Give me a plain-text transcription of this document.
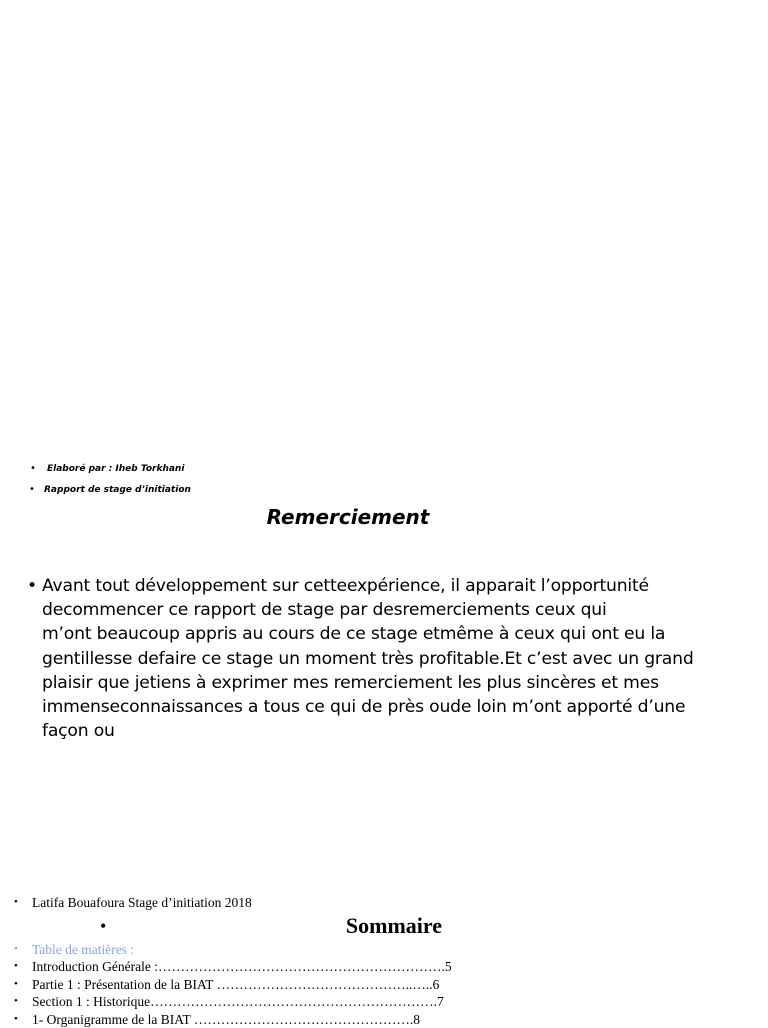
• Elaboré par : Iheb Torkhani
• Rapport de stage d’initiation
Remerciement
• Avant tout développement sur cetteexpérience, il apparait l’opportunité
decommencer ce rapport de stage par desremerciements ceux qui
m’ont beaucoup appris au cours de ce stage etmême à ceux qui ont eu la
gentillesse defaire ce stage un moment très profitable.Et c’est avec un grand
plaisir que jetiens à exprimer mes remerciement les plus sincères et mes
immenseconnaissances a tous ce qui de près oude loin m’ont apporté d’une
façon ou
• Latifa Bouafoura Stage d’initiation 2018
•	Sommaire
• Table de matières :
• Introduction Générale :……………………………………………………….5
• Partie 1 : Présentation de la BIAT ……………………………………..…..6
• Section 1 : Historique……………………………………………………….7
• 1- Organigramme de la BIAT ………………………………………….8
